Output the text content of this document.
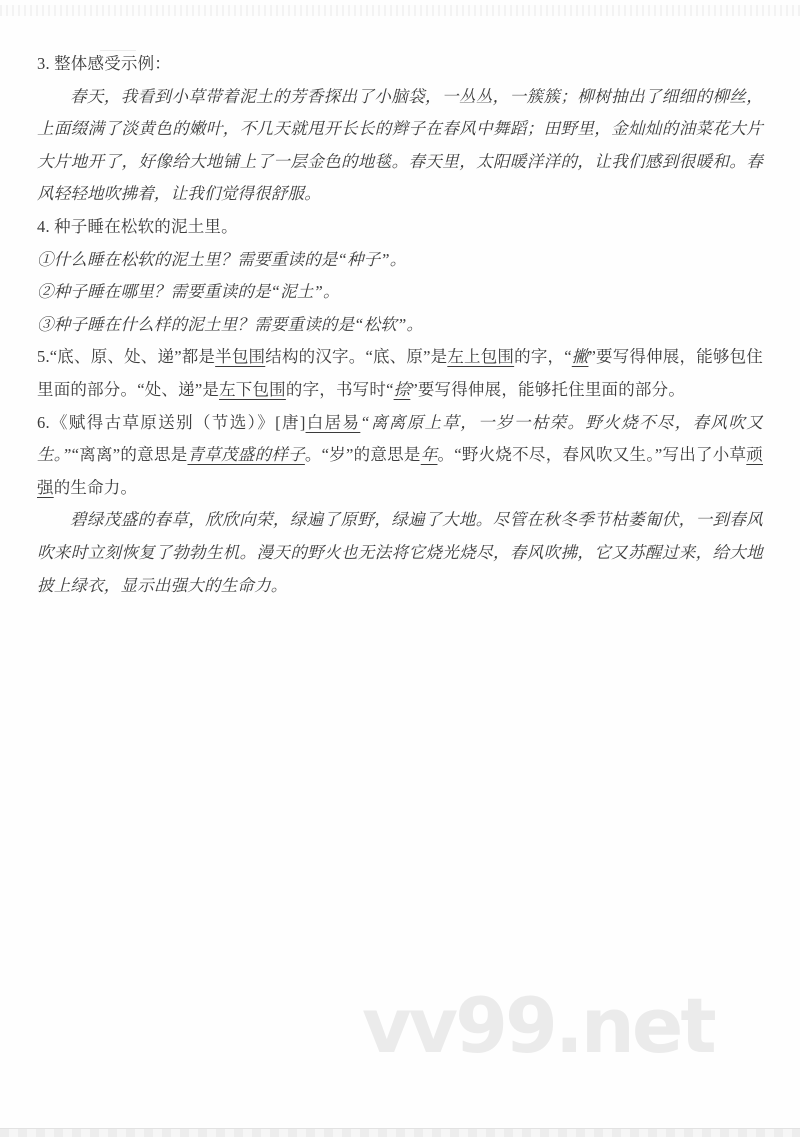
3. 整体感受示例：

春天，我看到小草带着泥土的芳香探出了小脑袋，一丛丛，一簇簇；柳树抽出了细细的柳丝，上面缀满了淡黄色的嫩叶，不几天就甩开长长的辫子在春风中舞蹈；田野里，金灿灿的油菜花大片大片地开了，好像给大地铺上了一层金色的地毯。春天里，太阳暖洋洋的，让我们感到很暖和。春风轻轻地吹拂着，让我们觉得很舒服。

4. 种子睡在松软的泥土里。

①什么睡在松软的泥土里？需要重读的是“种子”。

②种子睡在哪里？需要重读的是“泥土”。

③种子睡在什么样的泥土里？需要重读的是“松软”。

5.“底、原、处、递”都是半包围结构的汉字。“底、原”是左上包围的字，“撇”要写得伸展，能够包住里面的部分。“处、递”是左下包围的字，书写时“捺”要写得伸展，能够托住里面的部分。

6.《赋得古草原送别（节选）》[唐]白居易“离离原上草，一岁一枯荣。野火烧不尽，春风吹又生。”“离离”的意思是青草茂盛的样子。“岁”的意思是年。“野火烧不尽，春风吹又生。”写出了小草顽强的生命力。

碧绿茂盛的春草，欣欣向荣，绿遍了原野，绿遍了大地。尽管在秋冬季节枯萎匍伏，一到春风吹来时立刻恢复了勃勃生机。漫天的野火也无法将它烧光烧尽，春风吹拂，它又苏醒过来，给大地披上绿衣，显示出强大的生命力。

vv99.net
